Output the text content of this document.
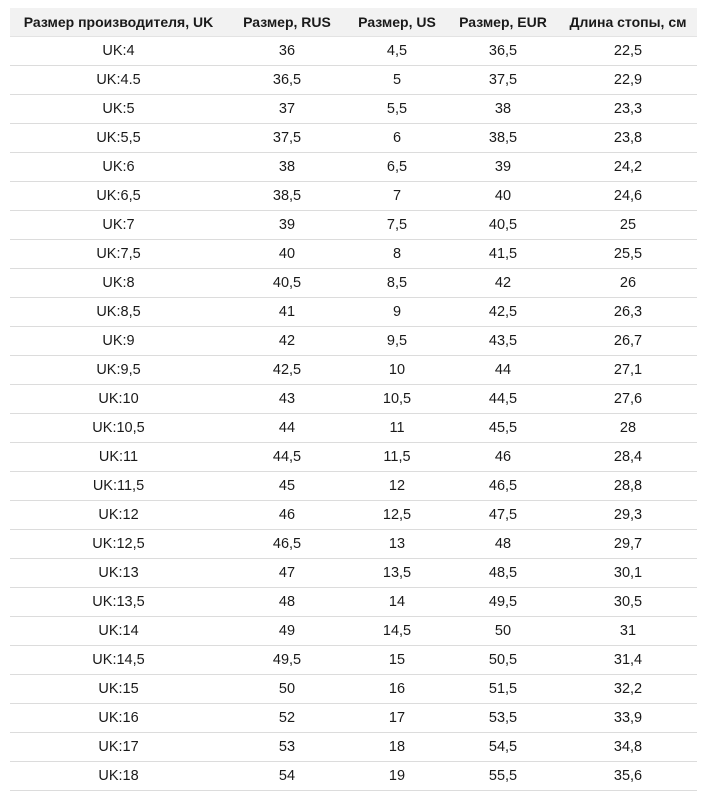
Размер производителя, UK	Размер, RUS	Размер, US	Размер, EUR	Длина стопы, см
UK:4	36	4,5	36,5	22,5
UK:4.5	36,5	5	37,5	22,9
UK:5	37	5,5	38	23,3
UK:5,5	37,5	6	38,5	23,8
UK:6	38	6,5	39	24,2
UK:6,5	38,5	7	40	24,6
UK:7	39	7,5	40,5	25
UK:7,5	40	8	41,5	25,5
UK:8	40,5	8,5	42	26
UK:8,5	41	9	42,5	26,3
UK:9	42	9,5	43,5	26,7
UK:9,5	42,5	10	44	27,1
UK:10	43	10,5	44,5	27,6
UK:10,5	44	11	45,5	28
UK:11	44,5	11,5	46	28,4
UK:11,5	45	12	46,5	28,8
UK:12	46	12,5	47,5	29,3
UK:12,5	46,5	13	48	29,7
UK:13	47	13,5	48,5	30,1
UK:13,5	48	14	49,5	30,5
UK:14	49	14,5	50	31
UK:14,5	49,5	15	50,5	31,4
UK:15	50	16	51,5	32,2
UK:16	52	17	53,5	33,9
UK:17	53	18	54,5	34,8
UK:18	54	19	55,5	35,6
